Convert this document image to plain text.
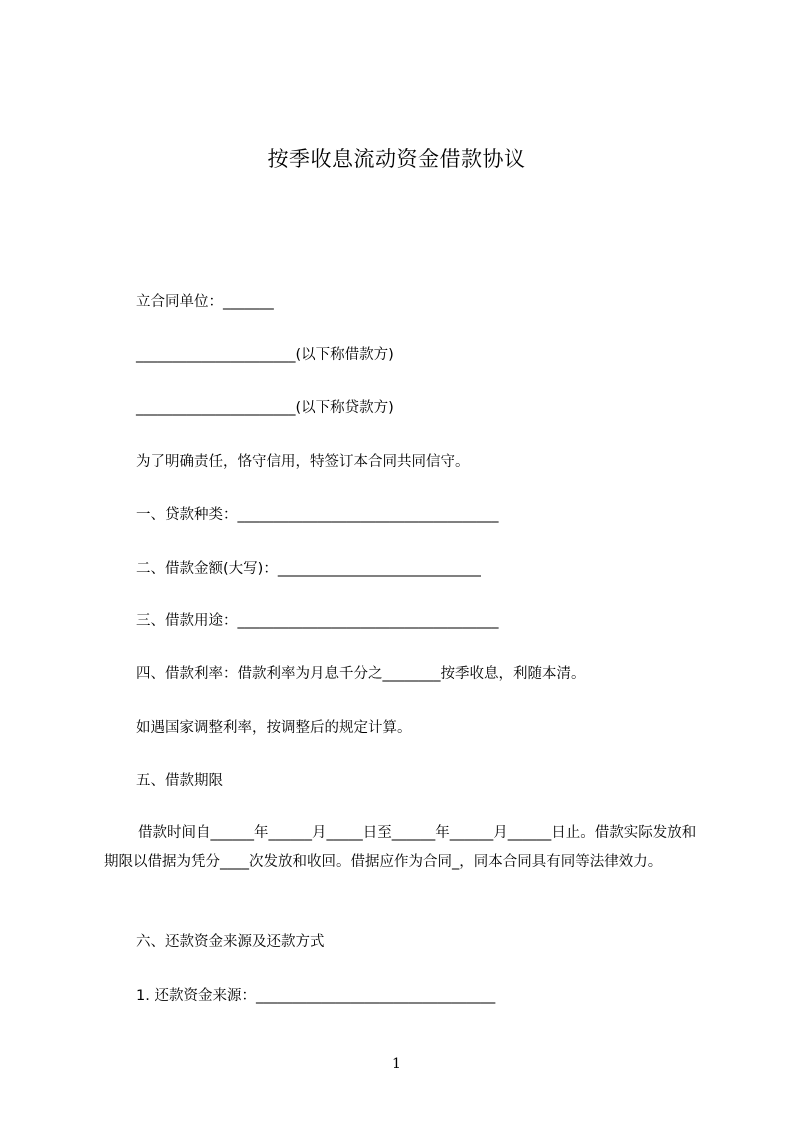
按季收息流动资金借款协议
立合同单位：_______
______________________(以下称借款方)
______________________(以下称贷款方)
为了明确责任，恪守信用，特签订本合同共同信守。
一、贷款种类：____________________________________
二、借款金额(大写)：____________________________
三、借款用途：____________________________________
四、借款利率：借款利率为月息千分之________按季收息，利随本清。
如遇国家调整利率，按调整后的规定计算。
五、借款期限

借款时间自______年______月_____日至______年______月______日止。借款实际发放和期限以借据为凭分____次发放和收回。借据应作为合同_，同本合同具有同等法律效力。

六、还款资金来源及还款方式
1. 还款资金来源：_________________________________
1
